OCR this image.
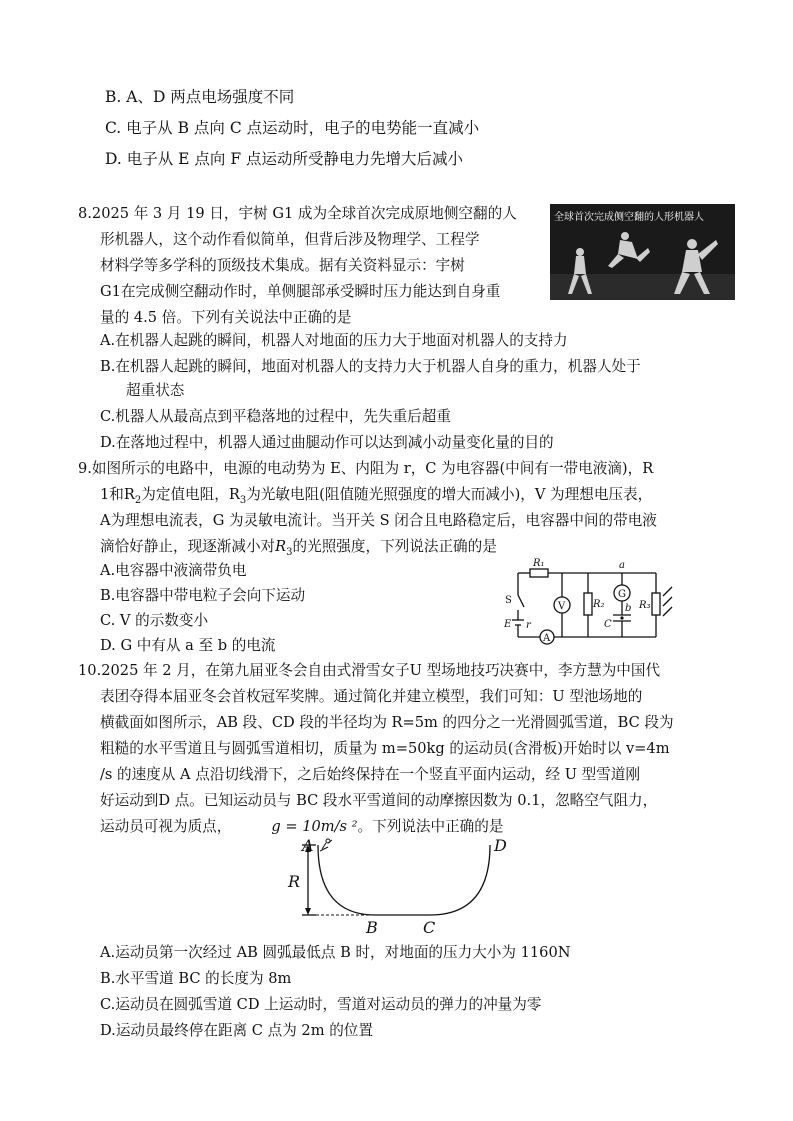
B. A、D 两点电场强度不同
C. 电子从 B 点向 C 点运动时，电子的电势能一直减小
D. 电子从 E 点向 F 点运动所受静电力先增大后减小
8.2025 年 3 月 19 日，宇树 G1 成为全球首次完成原地侧空翻的人
形机器人，这个动作看似简单，但背后涉及物理学、工程学
材料学等多学科的顶级技术集成。据有关资料显示：宇树
G1在完成侧空翻动作时，单侧腿部承受瞬时压力能达到自身重
量的 4.5 倍。下列有关说法中正确的是
全球首次完成侧空翻的人形机器人
A.在机器人起跳的瞬间，机器人对地面的压力大于地面对机器人的支持力
B.在机器人起跳的瞬间，地面对机器人的支持力大于机器人自身的重力，机器人处于
超重状态
C.机器人从最高点到平稳落地的过程中，先失重后超重
D.在落地过程中，机器人通过曲腿动作可以达到减小动量变化量的目的
9.如图所示的电路中，电源的电动势为 E、内阻为 r，C 为电容器(中间有一带电液滴)，R
1和$R_2$为定值电阻，$R_3$为光敏电阻(阻值随光照强度的增大而减小)，V 为理想电压表，
A为理想电流表，G 为灵敏电流计。当开关 S 闭合且电路稳定后，电容器中间的带电液
滴恰好静止，现逐渐减小对$R_3$的光照强度，下列说法正确的是
A.电容器中液滴带负电
B.电容器中带电粒子会向下运动
C. V 的示数变小
D. G 中有从 a 至 b 的电流
R₁
S
E r
V	R₂
G
a
b
C
R₃
A
10.2025 年 2 月，在第九届亚冬会自由式滑雪女子U 型场地技巧决赛中，李方慧为中国代
表团夺得本届亚冬会首枚冠军奖牌。通过简化并建立模型，我们可知：U 型池场地的
横截面如图所示，AB 段、CD 段的半径均为 R=5m 的四分之一光滑圆弧雪道，BC 段为
粗糙的水平雪道且与圆弧雪道相切，质量为 m=50kg 的运动员(含滑板)开始时以 v=4m
/s 的速度从 A 点沿切线滑下，之后始终保持在一个竖直平面内运动，经 U 型雪道刚
好运动到D 点。已知运动员与 BC 段水平雪道间的动摩擦因数为 0.1，忽略空气阻力，
运动员可视为质点，	g = 10m/s ²。下列说法中正确的是
A
B	C
D
R
A.运动员第一次经过 AB 圆弧最低点 B 时，对地面的压力大小为 1160N
B.水平雪道 BC 的长度为 8m
C.运动员在圆弧雪道 CD 上运动时，雪道对运动员的弹力的冲量为零
D.运动员最终停在距离 C 点为 2m 的位置
